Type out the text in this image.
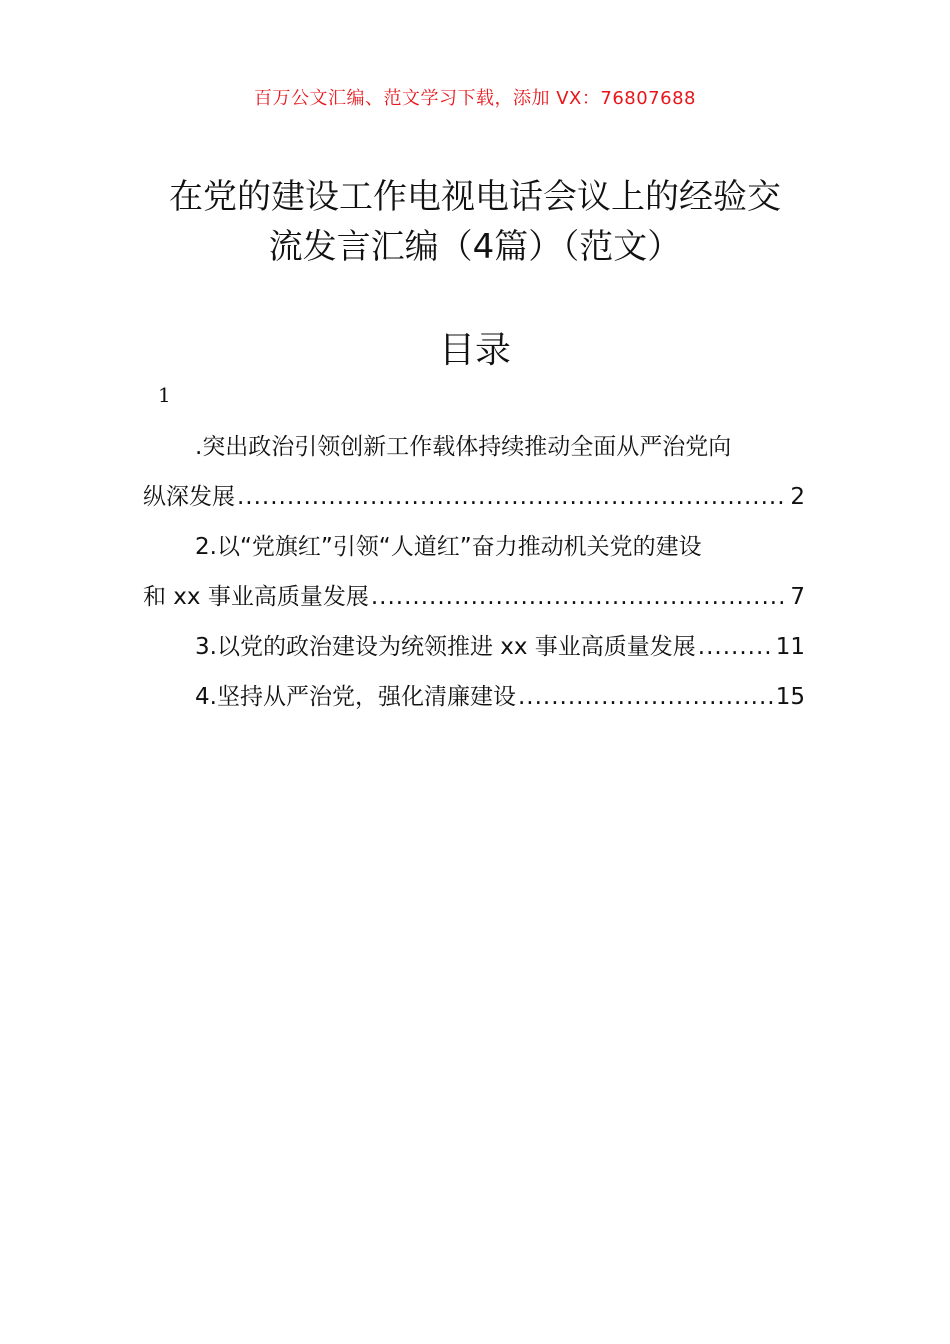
百万公文汇编、范文学习下载，添加 VX：76807688
在党的建设工作电视电话会议上的经验交
流发言汇编（4篇）（范文）
目录
1
.突出政治引领创新工作载体持续推动全面从严治党向
纵深发展 .....	2
2.以“党旗红”引领“人道红”奋力推动机关党的建设
和 xx 事业高质量发展 .....	7
3.以党的政治建设为统领推进 xx 事业高质量发展 .....	11
4.坚持从严治党，强化清廉建设 .....	15
